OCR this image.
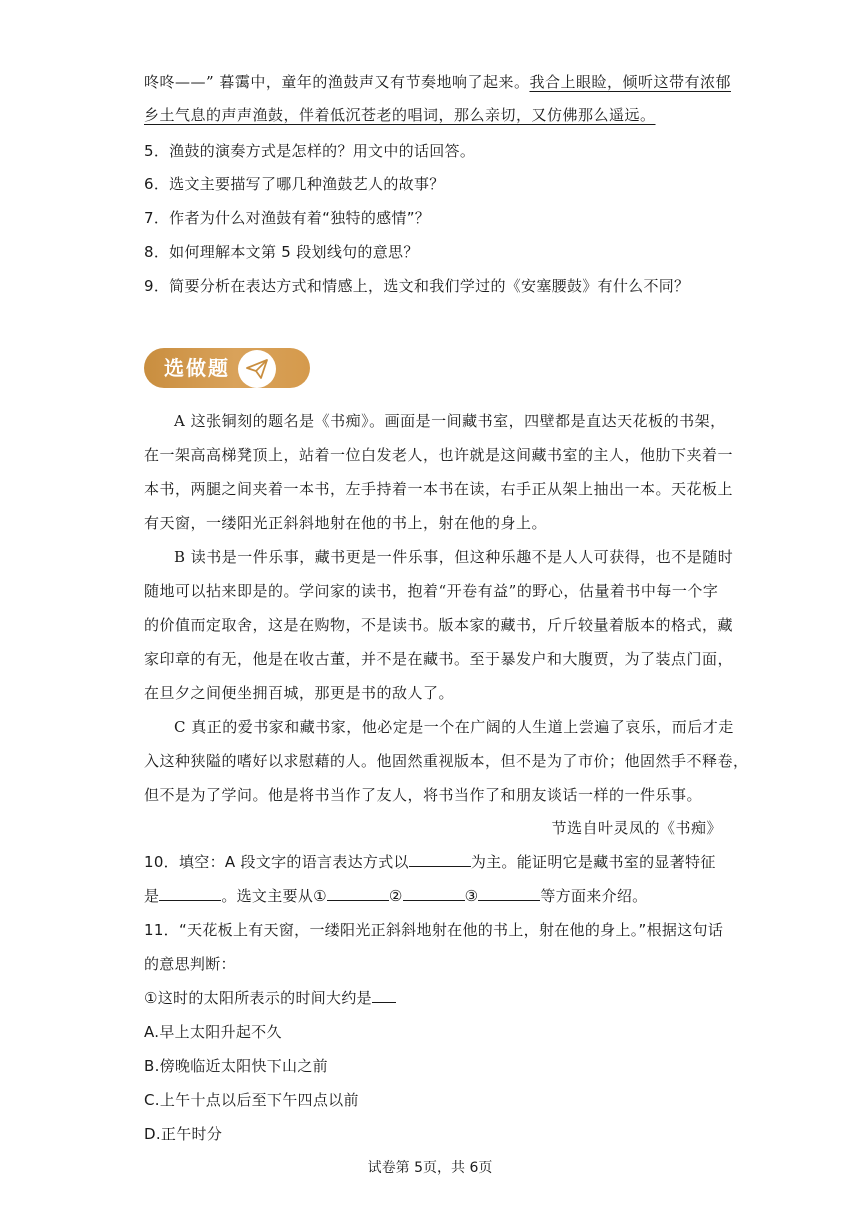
咚咚——” 暮霭中，童年的渔鼓声又有节奏地响了起来。我合上眼睑，倾听这带有浓郁
乡土气息的声声渔鼓，伴着低沉苍老的唱词，那么亲切，又仿佛那么遥远。
5．渔鼓的演奏方式是怎样的？用文中的话回答。
6．选文主要描写了哪几种渔鼓艺人的故事？
7．作者为什么对渔鼓有着“独特的感情”？
8．如何理解本文第 5 段划线句的意思？
9．简要分析在表达方式和情感上，选文和我们学过的《安塞腰鼓》有什么不同？
选做题
A 这张铜刻的题名是《书痴》。画面是一间藏书室，四壁都是直达天花板的书架，
在一架高高梯凳顶上，站着一位白发老人，也许就是这间藏书室的主人，他肋下夹着一
本书，两腿之间夹着一本书，左手持着一本书在读，右手正从架上抽出一本。天花板上
有天窗，一缕阳光正斜斜地射在他的书上，射在他的身上。
B 读书是一件乐事，藏书更是一件乐事，但这种乐趣不是人人可获得，也不是随时
随地可以拈来即是的。学问家的读书，抱着“开卷有益”的野心，估量着书中每一个字
的价值而定取舍，这是在购物，不是读书。版本家的藏书，斤斤较量着版本的格式，藏
家印章的有无，他是在收古董，并不是在藏书。至于暴发户和大腹贾，为了装点门面，
在旦夕之间便坐拥百城，那更是书的敌人了。
C 真正的爱书家和藏书家，他必定是一个在广阔的人生道上尝遍了哀乐，而后才走
入这种狭隘的嗜好以求慰藉的人。他固然重视版本，但不是为了市价；他固然手不释卷，
但不是为了学问。他是将书当作了友人，将书当作了和朋友谈话一样的一件乐事。
节选自叶灵凤的《书痴》
10．填空：A 段文字的语言表达方式以	为主。能证明它是藏书室的显著特征
是	。选文主要从①	②	③	等方面来介绍。
11．“天花板上有天窗，一缕阳光正斜斜地射在他的书上，射在他的身上。”根据这句话
的意思判断：
①这时的太阳所表示的时间大约是
A.早上太阳升起不久
B.傍晚临近太阳快下山之前
C.上午十点以后至下午四点以前
D.正午时分
试卷第 5页，共 6页
